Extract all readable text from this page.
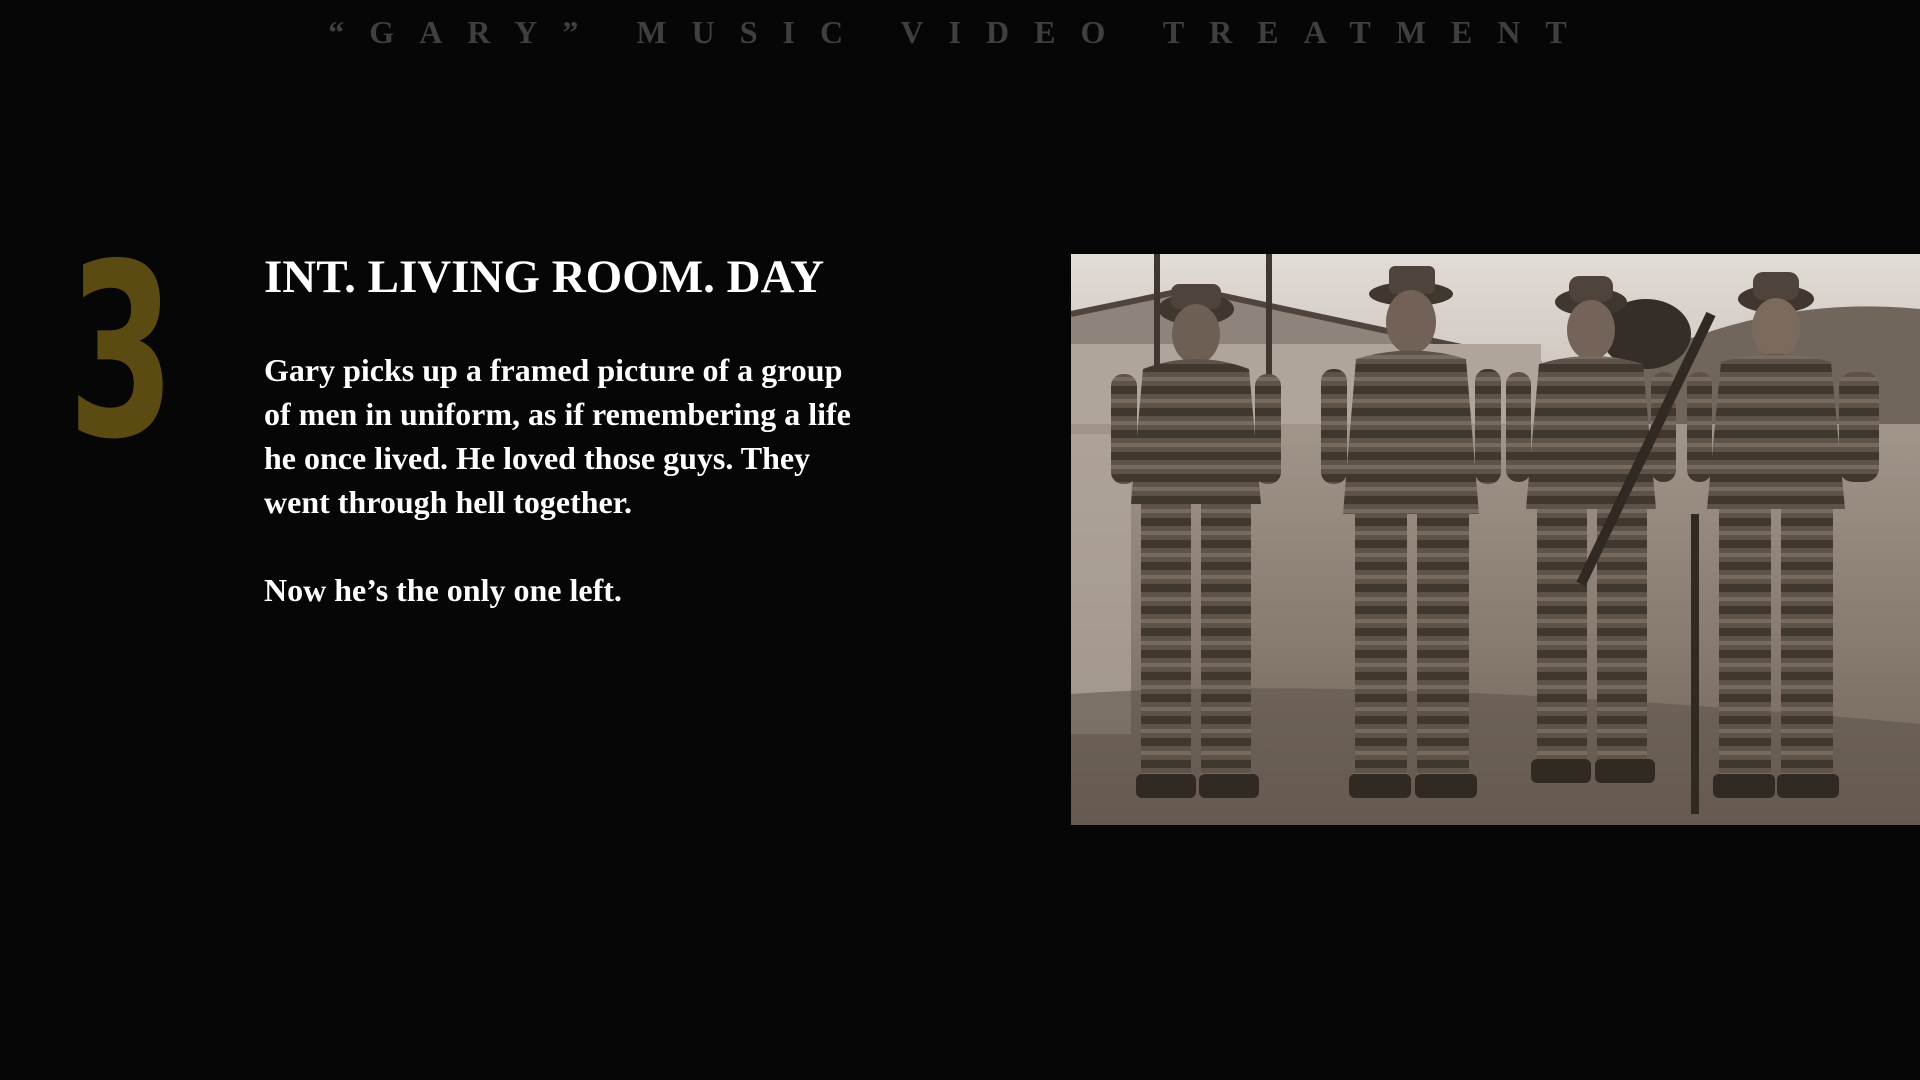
“GARY” MUSIC VIDEO TREATMENT
3 INT. LIVING ROOM. DAY

Gary picks up a framed picture of a group of men in uniform, as if remembering a life he once lived. He loved those guys. They went through hell together.

Now he’s the only one left.
